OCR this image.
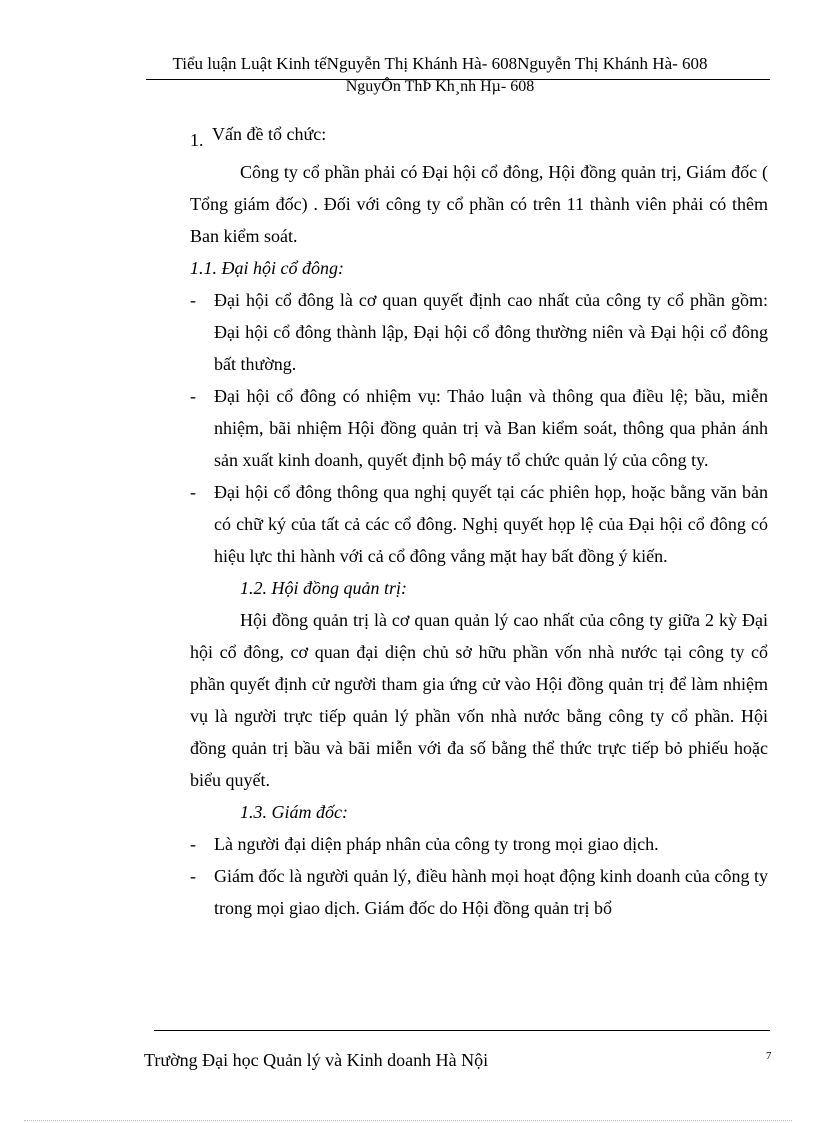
Tiểu luận Luật Kinh tếNguyễn Thị Khánh Hà- 608Nguyễn Thị Khánh Hà- 608
NguyÔn ThÞ Kh¸nh Hµ- 608
1. Vấn đề tổ chức:
Công ty cổ phần phải có Đại hội cổ đông, Hội đồng quản trị, Giám đốc ( Tổng giám đốc) . Đối với công ty cổ phần có trên 11 thành viên phải có thêm Ban kiểm soát.
1.1. Đại hội cổ đông:
-	Đại hội cổ đông là cơ quan quyết định cao nhất của công ty cổ phần gồm: Đại hội cổ đông thành lập, Đại hội cổ đông thường niên và Đại hội cổ đông bất thường.
-	Đại hội cổ đông có nhiệm vụ: Thảo luận và thông qua điều lệ; bầu, miễn nhiệm, bãi nhiệm Hội đồng quản trị và Ban kiểm soát, thông qua phản ánh sản xuất kinh doanh, quyết định bộ máy tổ chức quản lý của công ty.
-	Đại hội cổ đông thông qua nghị quyết tại các phiên họp, hoặc bằng văn bản có chữ ký của tất cả các cổ đông. Nghị quyết họp lệ của Đại hội cổ đông có hiệu lực thi hành với cả cổ đông vắng mặt hay bất đồng ý kiến.
1.2. Hội đồng quản trị:
Hội đồng quản trị là cơ quan quản lý cao nhất của công ty giữa 2 kỳ Đại hội cổ đông, cơ quan đại diện chủ sở hữu phần vốn nhà nước tại công ty cổ phần quyết định cử người tham gia ứng cử vào Hội đồng quản trị để làm nhiệm vụ là người trực tiếp quản lý phần vốn nhà nước bằng công ty cổ phần. Hội đồng quản trị bầu và bãi miễn với đa số bằng thể thức trực tiếp bỏ phiếu hoặc biểu quyết.
1.3. Giám đốc:
-	Là người đại diện pháp nhân của công ty trong mọi giao dịch.
-	Giám đốc là người quản lý, điều hành mọi hoạt động kinh doanh của công ty trong mọi giao dịch. Giám đốc do Hội đồng quản trị bổ
Trường Đại học Quản lý và Kinh doanh Hà Nội	7
